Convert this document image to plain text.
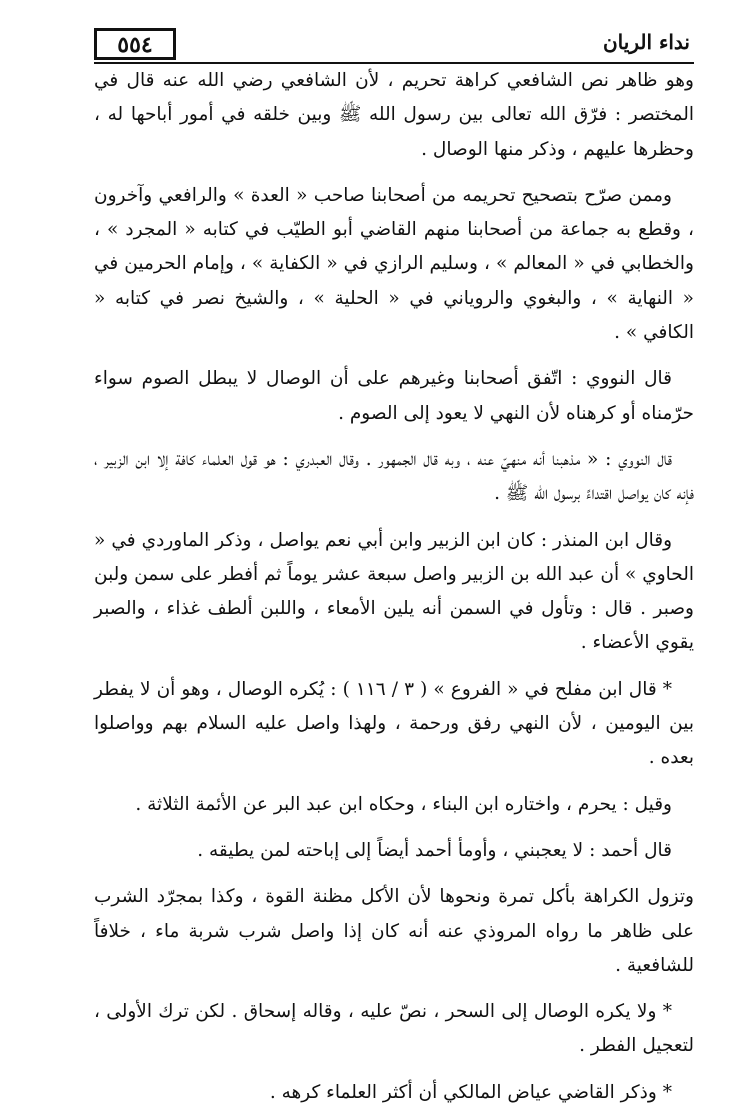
٥٥٤	نداء الريان

وهو ظاهر نص الشافعي كراهة تحريم ، لأن الشافعي رضي الله عنه قال في المختصر : فرّق الله تعالى بين رسول الله ﷺ وبين خلقه في أمور أباحها له ، وحظرها عليهم ، وذكر منها الوصال .

وممن صرّح بتصحيح تحريمه من أصحابنا صاحب « العدة » والرافعي وآخرون ، وقطع به جماعة من أصحابنا منهم القاضي أبو الطيّب في كتابه « المجرد » ، والخطابي في « المعالم » ، وسليم الرازي في « الكفاية » ، وإمام الحرمين في « النهاية » ، والبغوي والروياني في « الحلية » ، والشيخ نصر في كتابه « الكافي » .

قال النووي : اتّفق أصحابنا وغيرهم على أن الوصال لا يبطل الصوم سواء حرّمناه أو كرهناه لأن النهي لا يعود إلى الصوم .

قال النووي : « مذهبنا أنه منهيّ عنه ، وبه قال الجمهور . وقال العبدري : هو قول العلماء كافة إلا ابن الزبير ، فإنه كان يواصل اقتداءً برسول الله ﷺ .

وقال ابن المنذر : كان ابن الزبير وابن أبي نعم يواصل ، وذكر الماوردي في « الحاوي » أن عبد الله بن الزبير واصل سبعة عشر يوماً ثم أفطر على سمن ولبن وصبر . قال : وتأول في السمن أنه يلين الأمعاء ، واللبن ألطف غذاء ، والصبر يقوي الأعضاء .

* قال ابن مفلح في « الفروع » ( ٣ / ١١٦ ) : يُكره الوصال ، وهو أن لا يفطر بين اليومين ، لأن النهي رفق ورحمة ، ولهذا واصل عليه السلام بهم وواصلوا بعده .

وقيل : يحرم ، واختاره ابن البناء ، وحكاه ابن عبد البر عن الأئمة الثلاثة .

قال أحمد : لا يعجبني ، وأومأ أحمد أيضاً إلى إباحته لمن يطيقه .

وتزول الكراهة بأكل تمرة ونحوها لأن الأكل مظنة القوة ، وكذا بمجرّد الشرب على ظاهر ما رواه المروذي عنه أنه كان إذا واصل شرب شربة ماء ، خلافاً للشافعية .

* ولا يكره الوصال إلى السحر ، نصّ عليه ، وقاله إسحاق . لكن ترك الأولى ، لتعجيل الفطر .

* وذكر القاضي عياض المالكي أن أكثر العلماء كرهه .
